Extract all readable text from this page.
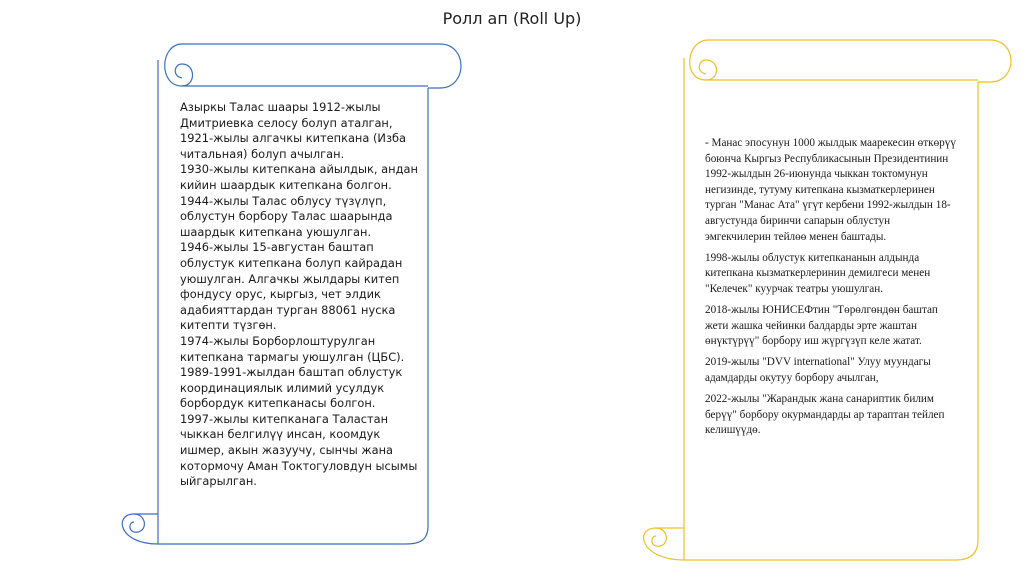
Ролл ап (Roll Up)

Азыркы Талас шаары 1912-жылы Дмитриевка селосу болуп аталган, 1921-жылы алгачкы китепкана (Изба читальная) болуп ачылган.

1930-жылы китепкана айылдык, андан кийин шаардык китепкана болгон. 1944-жылы Талас облусу түзүлүп, облустун борбору Талас шаарында шаардык китепкана уюшулган.

1946-жылы 15-августан баштап облустук китепкана болуп кайрадан уюшулган. Алгачкы жылдары китеп фондусу орус, кыргыз, чет элдик адабияттардан турган 88061 нуска китепти түзгөн.

1974-жылы Борборлоштурулган китепкана тармагы уюшулган (ЦБС).

1989-1991-жылдан баштап облустук координациялык илимий усулдук борбордук китепканасы болгон.

1997-жылы китепканага Таластан чыккан белгилүү инсан, коомдук ишмер, акын жазуучу, сынчы жана котормочу Аман Токтогуловдун ысымы ыйгарылган.

- Манас эпосунун 1000 жылдык маарекесин өткөрүү боюнча Кыргыз Республикасынын Президентинин 1992-жылдын 26-июнунда чыккан токтомунун негизинде, тутуму китепкана кызматкерлеринен турган "Манас Ата" үгүт кербени 1992-жылдын 18-августунда биринчи сапарын облустун эмгекчилерин тейлөө менен баштады.

1998-жылы облустук китепкананын алдында китепкана кызматкерлеринин демилгеси менен "Келечек" куурчак театры уюшулган.

2018-жылы ЮНИСЕФтин "Төрөлгөндөн баштап жети жашка чейинки балдарды эрте жаштан өнүктүрүү" борбору иш жүргүзүп келе жатат.

2019-жылы "DVV international" Улуу муундагы адамдарды окутуу борбору ачылган,

2022-жылы "Жарандык жана санариптик билим берүү" борбору окурмандарды ар тараптан тейлеп келишүүдө.
